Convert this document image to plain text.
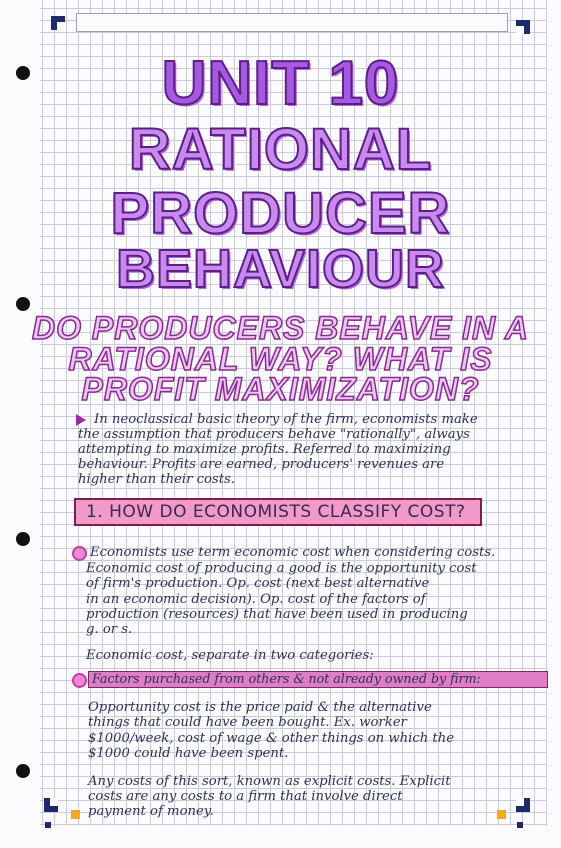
UNIT 10
RATIONAL
PRODUCER
BEHAVIOUR
DO PRODUCERS BEHAVE IN A
RATIONAL WAY? WHAT IS
PROFIT MAXIMIZATION?
In neoclassical basic theory of the firm, economists make
the assumption that producers behave "rationally", always
attempting to maximize profits. Referred to maximizing
behaviour. Profits are earned, producers' revenues are
higher than their costs.
1. HOW DO ECONOMISTS CLASSIFY COST?
Economists use term economic cost when considering costs.
Economic cost of producing a good is the opportunity cost
of firm's production. Op. cost (next best alternative
in an economic decision). Op. cost of the factors of
production (resources) that have been used in producing
g. or s.
Economic cost, separate in two categories:
Factors purchased from others & not already owned by firm:
Opportunity cost is the price paid & the alternative
things that could have been bought. Ex. worker
$1000/week, cost of wage & other things on which the
$1000 could have been spent.
Any costs of this sort, known as explicit costs. Explicit
costs are any costs to a firm that involve direct
payment of money.
